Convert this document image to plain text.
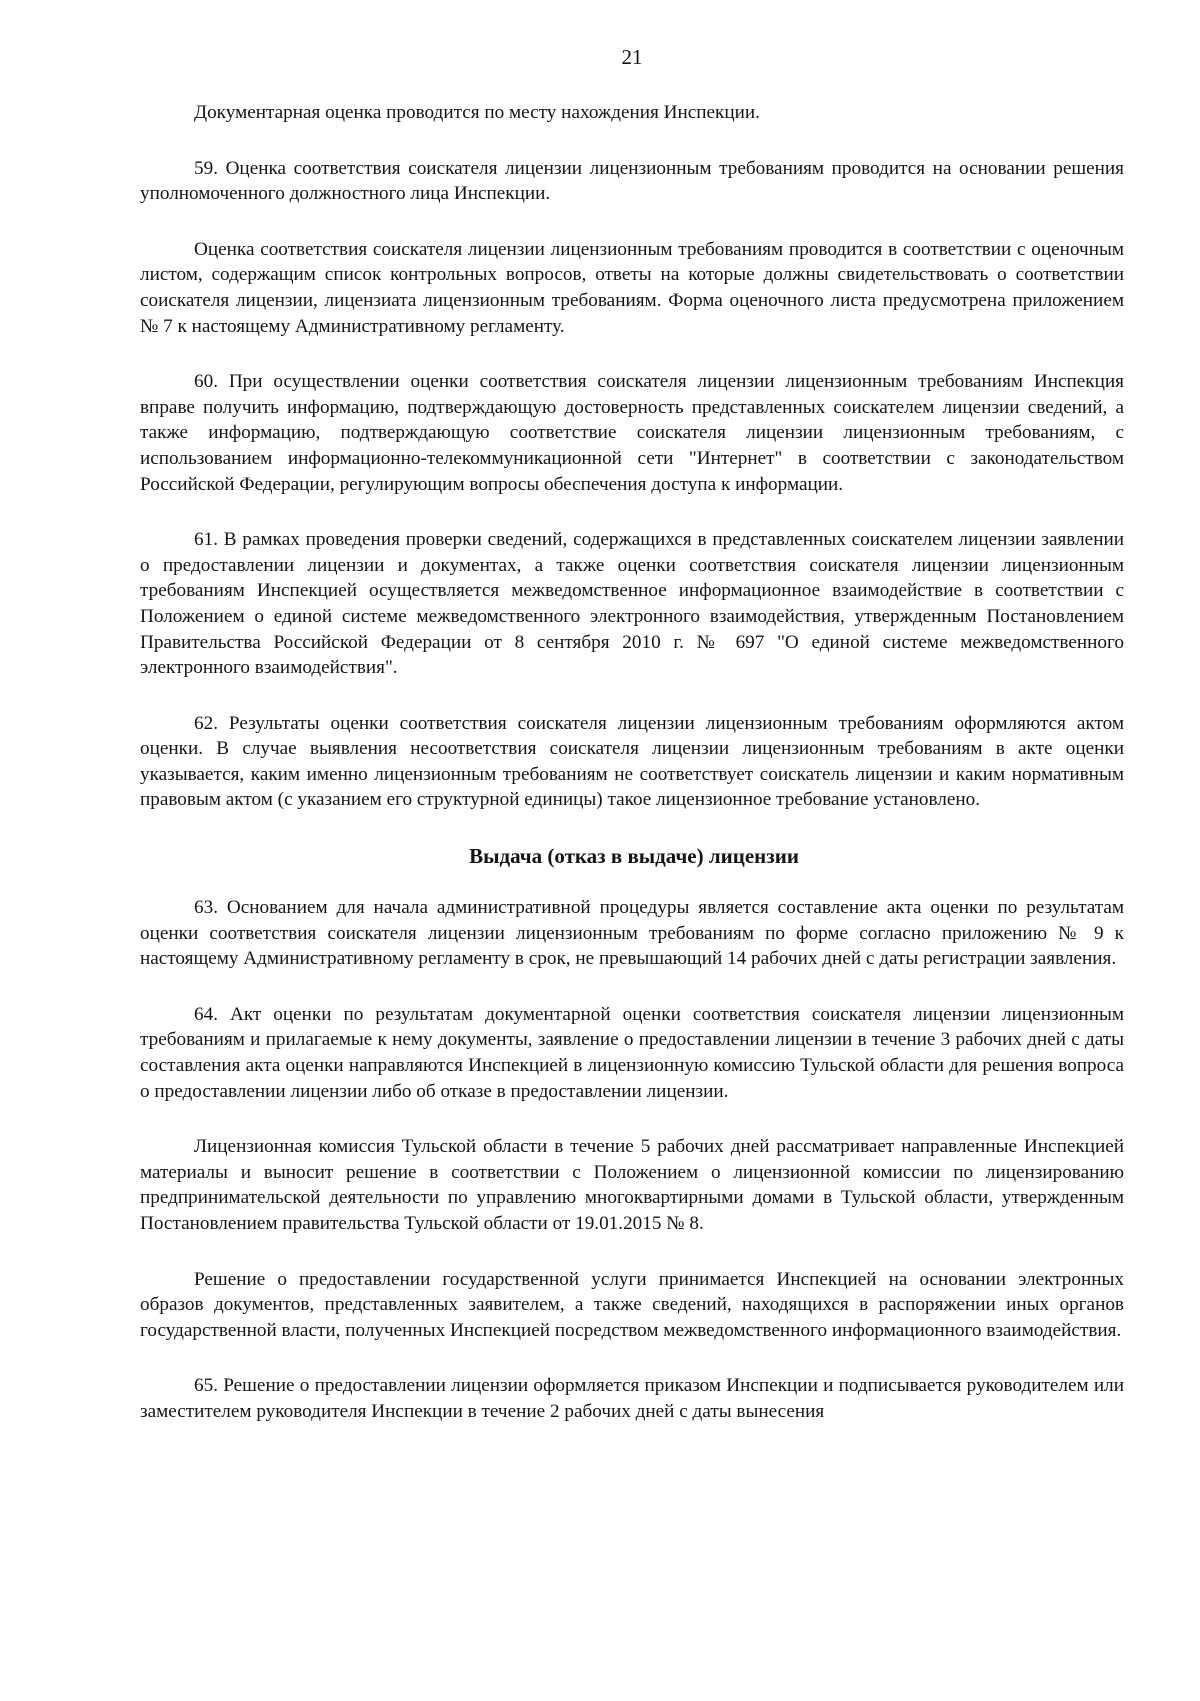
21

Документарная оценка проводится по месту нахождения Инспекции.

59. Оценка соответствия соискателя лицензии лицензионным требованиям проводится на основании решения уполномоченного должностного лица Инспекции.

Оценка соответствия соискателя лицензии лицензионным требованиям проводится в соответствии с оценочным листом, содержащим список контрольных вопросов, ответы на которые должны свидетельствовать о соответствии соискателя лицензии, лицензиата лицензионным требованиям. Форма оценочного листа предусмотрена приложением № 7 к настоящему Административному регламенту.

60. При осуществлении оценки соответствия соискателя лицензии лицензионным требованиям Инспекция вправе получить информацию, подтверждающую достоверность представленных соискателем лицензии сведений, а также информацию, подтверждающую соответствие соискателя лицензии лицензионным требованиям, с использованием информационно-телекоммуникационной сети "Интернет" в соответствии с законодательством Российской Федерации, регулирующим вопросы обеспечения доступа к информации.

61. В рамках проведения проверки сведений, содержащихся в представленных соискателем лицензии заявлении о предоставлении лицензии и документах, а также оценки соответствия соискателя лицензии лицензионным требованиям Инспекцией осуществляется межведомственное информационное взаимодействие в соответствии с Положением о единой системе межведомственного электронного взаимодействия, утвержденным Постановлением Правительства Российской Федерации от 8 сентября 2010 г. № 697 "О единой системе межведомственного электронного взаимодействия".

62. Результаты оценки соответствия соискателя лицензии лицензионным требованиям оформляются актом оценки. В случае выявления несоответствия соискателя лицензии лицензионным требованиям в акте оценки указывается, каким именно лицензионным требованиям не соответствует соискатель лицензии и каким нормативным правовым актом (с указанием его структурной единицы) такое лицензионное требование установлено.

Выдача (отказ в выдаче) лицензии

63. Основанием для начала административной процедуры является составление акта оценки по результатам оценки соответствия соискателя лицензии лицензионным требованиям по форме согласно приложению № 9 к настоящему Административному регламенту в срок, не превышающий 14 рабочих дней с даты регистрации заявления.

64. Акт оценки по результатам документарной оценки соответствия соискателя лицензии лицензионным требованиям и прилагаемые к нему документы, заявление о предоставлении лицензии в течение 3 рабочих дней с даты составления акта оценки направляются Инспекцией в лицензионную комиссию Тульской области для решения вопроса о предоставлении лицензии либо об отказе в предоставлении лицензии.

Лицензионная комиссия Тульской области в течение 5 рабочих дней рассматривает направленные Инспекцией материалы и выносит решение в соответствии с Положением о лицензионной комиссии по лицензированию предпринимательской деятельности по управлению многоквартирными домами в Тульской области, утвержденным Постановлением правительства Тульской области от 19.01.2015 № 8.

Решение о предоставлении государственной услуги принимается Инспекцией на основании электронных образов документов, представленных заявителем, а также сведений, находящихся в распоряжении иных органов государственной власти, полученных Инспекцией посредством межведомственного информационного взаимодействия.

65. Решение о предоставлении лицензии оформляется приказом Инспекции и подписывается руководителем или заместителем руководителя Инспекции в течение 2 рабочих дней с даты вынесения
